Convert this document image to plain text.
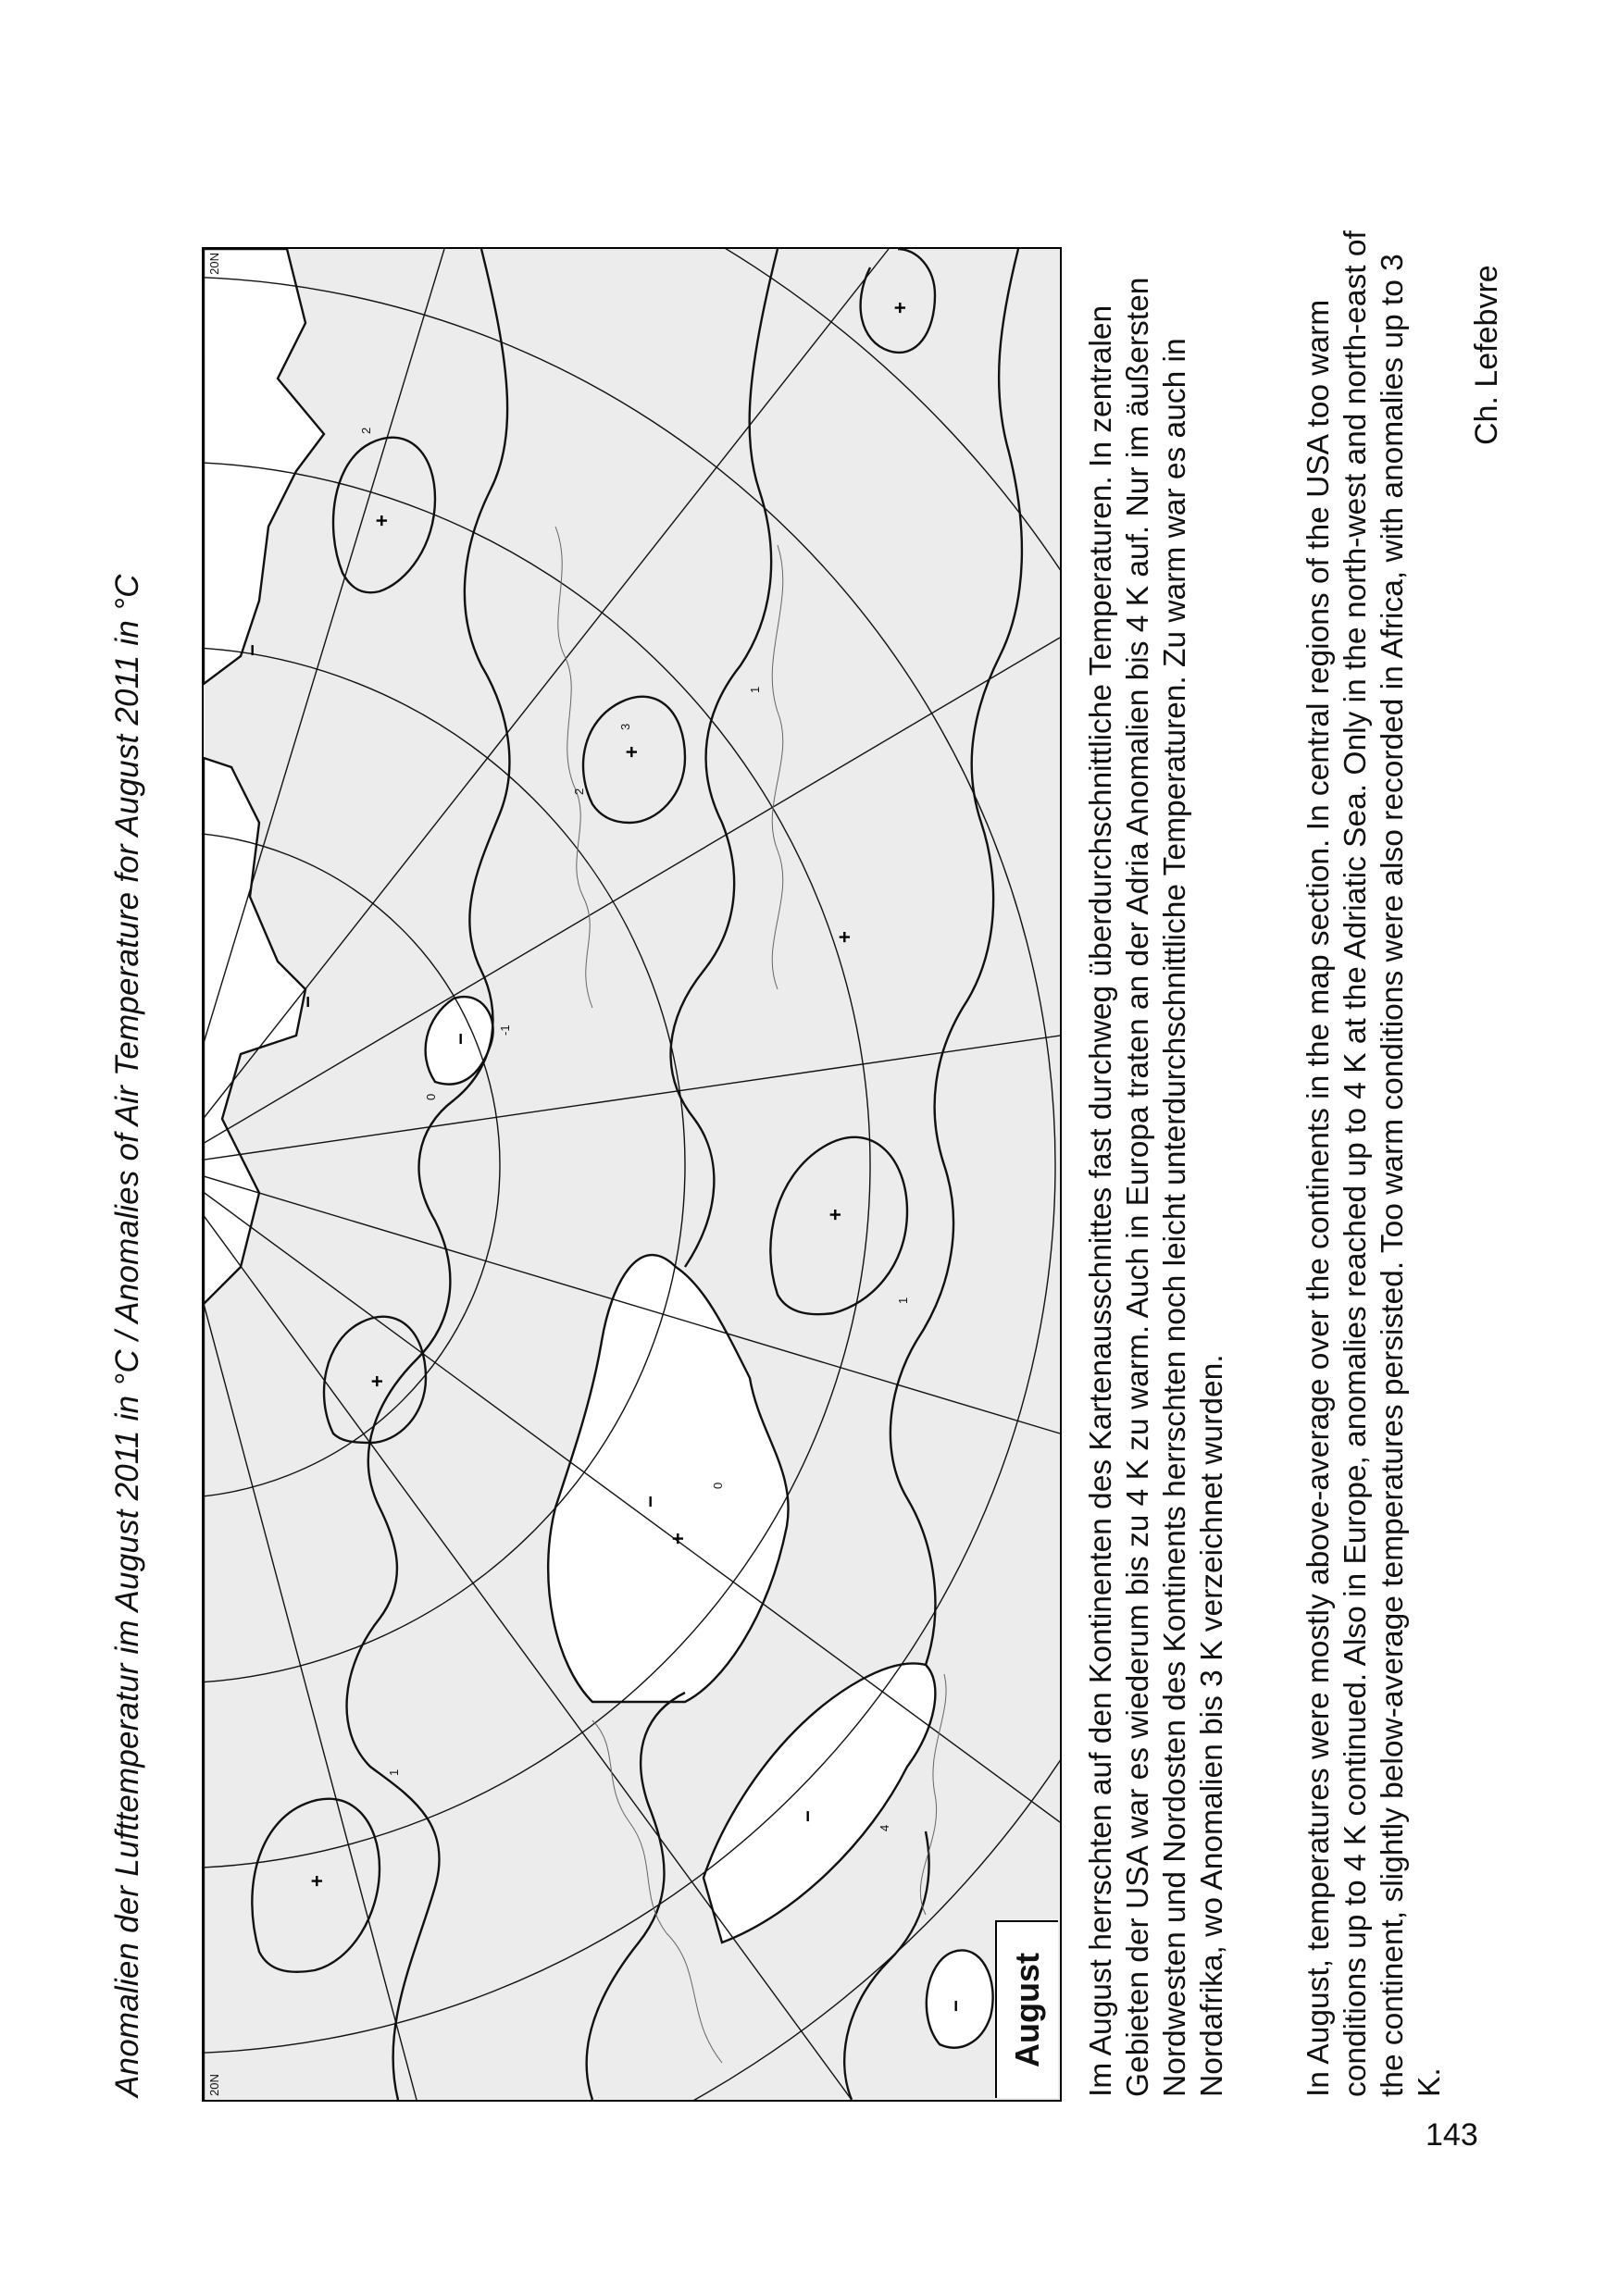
Anomalien der Lufttemperatur im August 2011 in °C / Anomalies of Air Temperature for August 2011 in °C	+
+
+
+
+
+
+
+
−
−
−
−
−
−
1
0
1
2
1
2
0
-1
3
4
20N
20N
August	Im August herrschten auf den Kontinenten des Kartenausschnittes fast durchweg überdurchschnittliche Temperaturen. In zentralen Gebieten der USA war es wiederum bis zu 4 K zu warm. Auch in Europa traten an der Adria Anomalien bis 4 K auf. Nur im äußersten Nordwesten und Nordosten des Kontinents herrschten noch leicht unterdurchschnittliche Temperaturen. Zu warm war es auch in Nordafrika, wo Anomalien bis 3 K verzeichnet wurden. In August, temperatures were mostly above-average over the continents in the map section. In central regions of the USA too warm conditions up to 4 K continued. Also in Europe, anomalies reached up to 4 K at the Adriatic Sea. Only in the north-west and north-east of the continent, slightly below-average temperatures persisted. Too warm conditions were also recorded in Africa, with anomalies up to 3 K.
Ch. Lefebvre
143
